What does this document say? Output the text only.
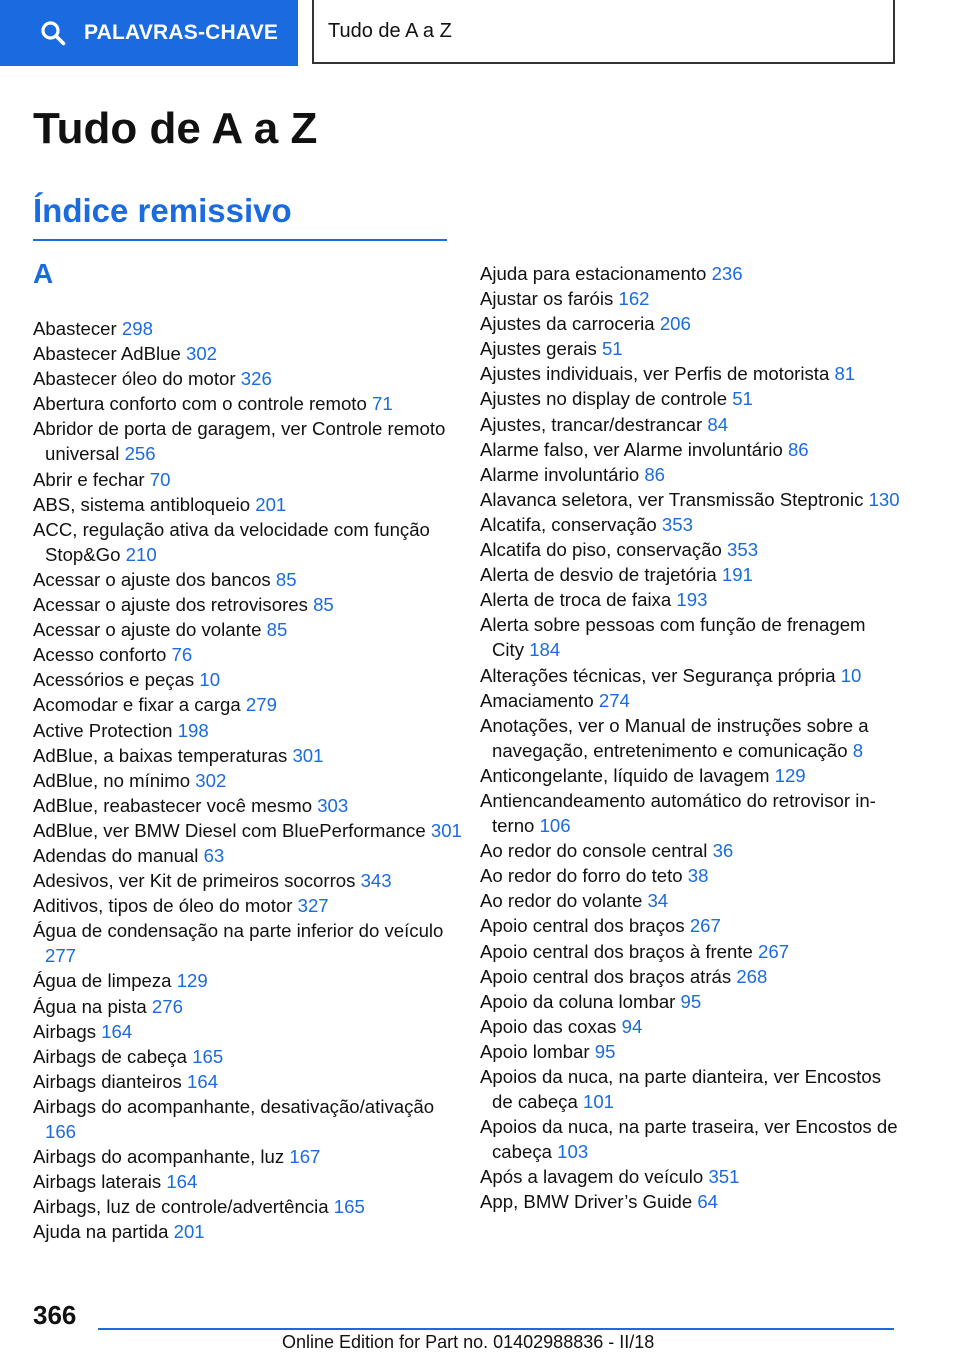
PALAVRAS-CHAVE Tudo de A a Z
Tudo de A a Z
Índice remissivo
A
Abastecer 298
Abastecer AdBlue 302
Abastecer óleo do motor 326
Abertura conforto com o controle remoto 71
Abridor de porta de garagem, ver Controle remoto universal 256
Abrir e fechar 70
ABS, sistema antibloqueio 201
ACC, regulação ativa da velocidade com função Stop&Go 210
Acessar o ajuste dos bancos 85
Acessar o ajuste dos retrovisores 85
Acessar o ajuste do volante 85
Acesso conforto 76
Acessórios e peças 10
Acomodar e fixar a carga 279
Active Protection 198
AdBlue, a baixas temperaturas 301
AdBlue, no mínimo 302
AdBlue, reabastecer você mesmo 303
AdBlue, ver BMW Diesel com BluePerformance 301
Adendas do manual 63
Adesivos, ver Kit de primeiros socorros 343
Aditivos, tipos de óleo do motor 327
Água de condensação na parte inferior do veículo 277
Água de limpeza 129
Água na pista 276
Airbags 164
Airbags de cabeça 165
Airbags dianteiros 164
Airbags do acompanhante, desativação/ativação 166
Airbags do acompanhante, luz 167
Airbags laterais 164
Airbags, luz de controle/advertência 165
Ajuda na partida 201
Ajuda para estacionamento 236
Ajustar os faróis 162
Ajustes da carroceria 206
Ajustes gerais 51
Ajustes individuais, ver Perfis de motorista 81
Ajustes no display de controle 51
Ajustes, trancar/destrancar 84
Alarme falso, ver Alarme involuntário 86
Alarme involuntário 86
Alavanca seletora, ver Transmissão Steptronic 130
Alcatifa, conservação 353
Alcatifa do piso, conservação 353
Alerta de desvio de trajetória 191
Alerta de troca de faixa 193
Alerta sobre pessoas com função de frenagem City 184
Alterações técnicas, ver Segurança própria 10
Amaciamento 274
Anotações, ver o Manual de instruções sobre a navegação, entretenimento e comunicação 8
Anticongelante, líquido de lavagem 129
Antiencandeamento automático do retrovisor interno 106
Ao redor do console central 36
Ao redor do forro do teto 38
Ao redor do volante 34
Apoio central dos braços 267
Apoio central dos braços à frente 267
Apoio central dos braços atrás 268
Apoio da coluna lombar 95
Apoio das coxas 94
Apoio lombar 95
Apoios da nuca, na parte dianteira, ver Encostos de cabeça 101
Apoios da nuca, na parte traseira, ver Encostos de cabeça 103
Após a lavagem do veículo 351
App, BMW Driver’s Guide 64
366
Online Edition for Part no. 01402988836 - II/18
